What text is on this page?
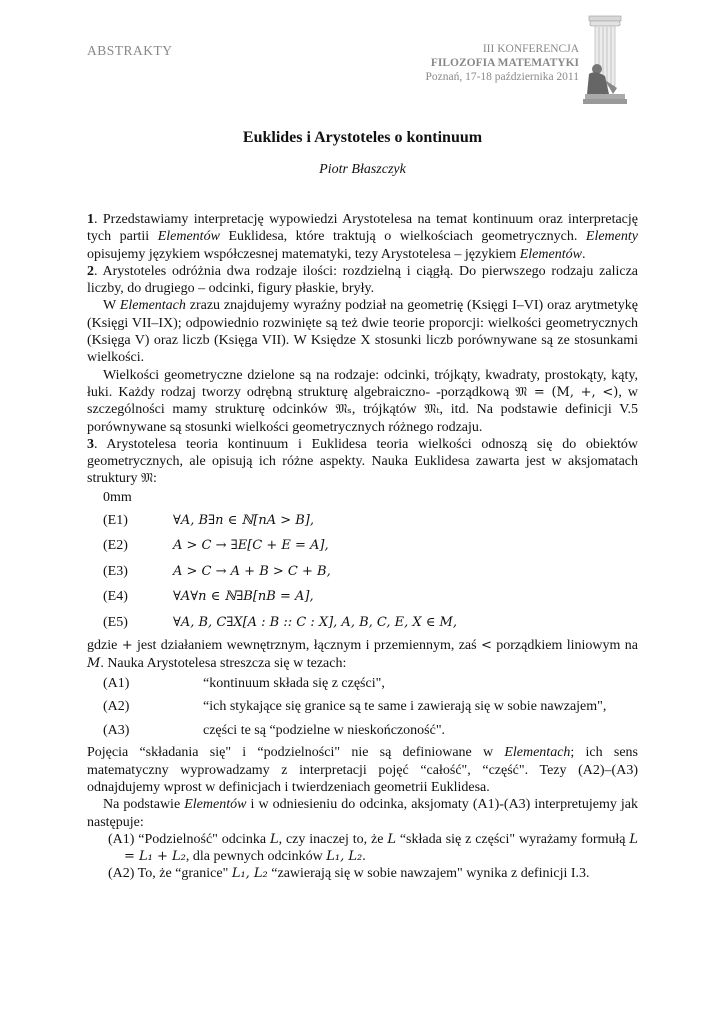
ABSTRAKTY	III KONFERENCJA
FILOZOFIA MATEMATYKI
Poznań, 17-18 października 2011
Euklides i Arystoteles o kontinuum
Piotr Błaszczyk

1. Przedstawiamy interpretację wypowiedzi Arystotelesa na temat kontinuum oraz interpretację tych partii Elementów Euklidesa, które traktują o wielkościach geometrycznych. Elementy opisujemy językiem współczesnej matematyki, tezy Arystotelesa – językiem Elementów.

2. Arystoteles odróżnia dwa rodzaje ilości: rozdzielną i ciągłą. Do pierwszego rodzaju zalicza liczby, do drugiego – odcinki, figury płaskie, bryły.

W Elementach zrazu znajdujemy wyraźny podział na geometrię (Księgi I–VI) oraz arytmetykę (Księgi VII–IX); odpowiednio rozwinięte są też dwie teorie proporcji: wielkości geometrycznych (Księga V) oraz liczb (Księga VII). W Księdze X stosunki liczb porównywane są ze stosunkami wielkości.

Wielkości geometryczne dzielone są na rodzaje: odcinki, trójkąty, kwadraty, prostokąty, kąty, łuki. Każdy rodzaj tworzy odrębną strukturę algebraiczno- -porządkową 𝔐 = (M, +, <), w szczególności mamy strukturę odcinków 𝔐ₛ, trójkątów 𝔐ₜ, itd. Na podstawie definicji V.5 porównywane są stosunki wielkości geometrycznych różnego rodzaju.

3. Arystotelesa teoria kontinuum i Euklidesa teoria wielkości odnoszą się do obiektów geometrycznych, ale opisują ich różne aspekty. Nauka Euklidesa zawarta jest w aksjomatach struktury 𝔐:

0mm
(E1)	∀A, B∃n ∈ ℕ[nA > B],
(E2)	A > C → ∃E[C + E = A],
(E3)	A > C → A + B > C + B,
(E4)	∀A∀n ∈ ℕ∃B[nB = A],
(E5)	∀A, B, C∃X[A : B :: C : X], A, B, C, E, X ∈ M,

gdzie + jest działaniem wewnętrznym, łącznym i przemiennym, zaś < porządkiem liniowym na M. Nauka Arystotelesa streszcza się w tezach:

(A1)	“kontinuum składa się z części",
(A2)	“ich stykające się granice są te same i zawierają się w sobie nawzajem",
(A3)	części te są “podzielne w nieskończoność".

Pojęcia “składania się" i “podzielności" nie są definiowane w Elementach; ich sens matematyczny wyprowadzamy z interpretacji pojęć “całość", “część". Tezy (A2)–(A3) odnajdujemy wprost w definicjach i twierdzeniach geometrii Euklidesa.

Na podstawie Elementów i w odniesieniu do odcinka, aksjomaty (A1)-(A3) interpretujemy jak następuje:

(A1) “Podzielność" odcinka L, czy inaczej to, że L “składa się z części" wyrażamy formułą L = L₁ + L₂, dla pewnych odcinków L₁, L₂.

(A2) To, że “granice" L₁, L₂ “zawierają się w sobie nawzajem" wynika z definicji I.3.
